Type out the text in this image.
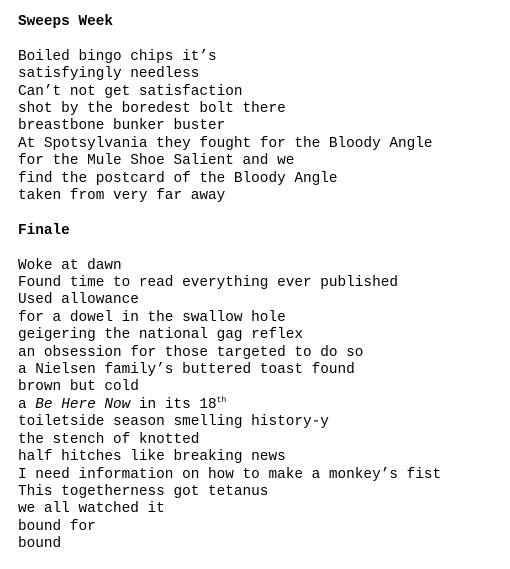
Sweeps Week

Boiled bingo chips it’s

satisfyingly needless

Can’t not get satisfaction

shot by the boredest bolt there

breastbone bunker buster

At Spotsylvania they fought for the Bloody Angle

for the Mule Shoe Salient and we

find the postcard of the Bloody Angle

taken from very far away

Finale

Woke at dawn

Found time to read everything ever published

Used allowance

for a dowel in the swallow hole

geigering the national gag reflex

an obsession for those targeted to do so

a Nielsen family’s buttered toast found

brown but cold

a Be Here Now in its 18th

toiletside season smelling history-y

the stench of knotted

half hitches like breaking news

I need information on how to make a monkey’s fist

This togetherness got tetanus

we all watched it

bound for

bound
